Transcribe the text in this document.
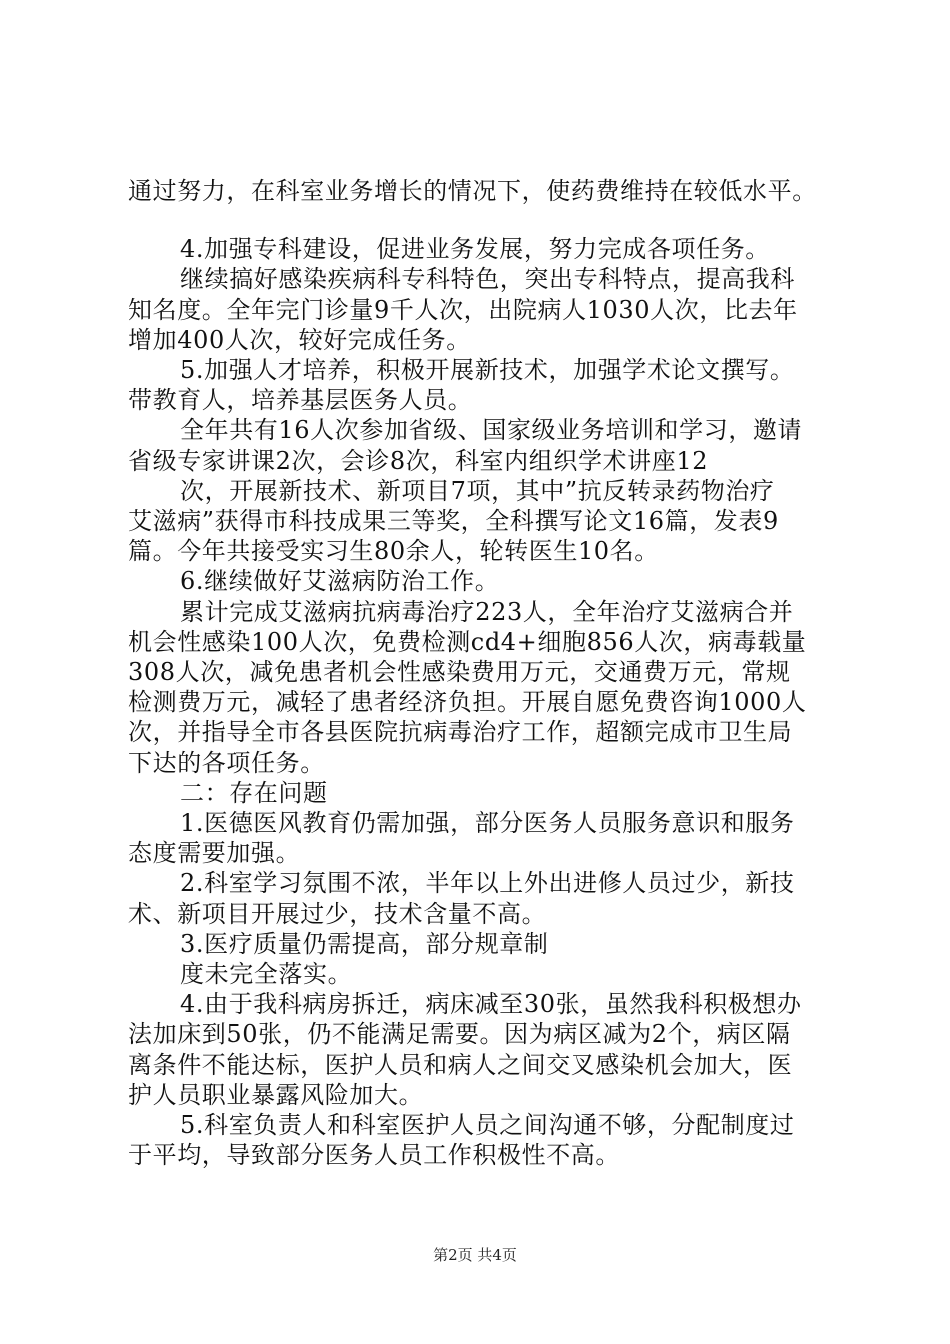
通过努力，在科室业务增长的情况下，使药费维持在较低水平。
4.加强专科建设，促进业务发展，努力完成各项任务。
继续搞好感染疾病科专科特色，突出专科特点，提高我科
知名度。全年完门诊量9千人次，出院病人1030人次，比去年
增加400人次，较好完成任务。
5.加强人才培养，积极开展新技术，加强学术论文撰写。
带教育人，培养基层医务人员。
全年共有16人次参加省级、国家级业务培训和学习，邀请
省级专家讲课2次，会诊8次，科室内组织学术讲座12
次，开展新技术、新项目7项，其中”抗反转录药物治疗
艾滋病”获得市科技成果三等奖，全科撰写论文16篇，发表9
篇。今年共接受实习生80余人，轮转医生10名。
6.继续做好艾滋病防治工作。
累计完成艾滋病抗病毒治疗223人，全年治疗艾滋病合并
机会性感染100人次，免费检测cd4+细胞856人次，病毒载量
308人次，减免患者机会性感染费用万元，交通费万元，常规
检测费万元，减轻了患者经济负担。开展自愿免费咨询1000人
次，并指导全市各县医院抗病毒治疗工作，超额完成市卫生局
下达的各项任务。
二：存在问题
1.医德医风教育仍需加强，部分医务人员服务意识和服务
态度需要加强。
2.科室学习氛围不浓，半年以上外出进修人员过少，新技
术、新项目开展过少，技术含量不高。
3.医疗质量仍需提高，部分规章制
度未完全落实。
4.由于我科病房拆迁，病床减至30张，虽然我科积极想办
法加床到50张，仍不能满足需要。因为病区减为2个，病区隔
离条件不能达标，医护人员和病人之间交叉感染机会加大，医
护人员职业暴露风险加大。
5.科室负责人和科室医护人员之间沟通不够，分配制度过
于平均，导致部分医务人员工作积极性不高。
第2页 共4页
